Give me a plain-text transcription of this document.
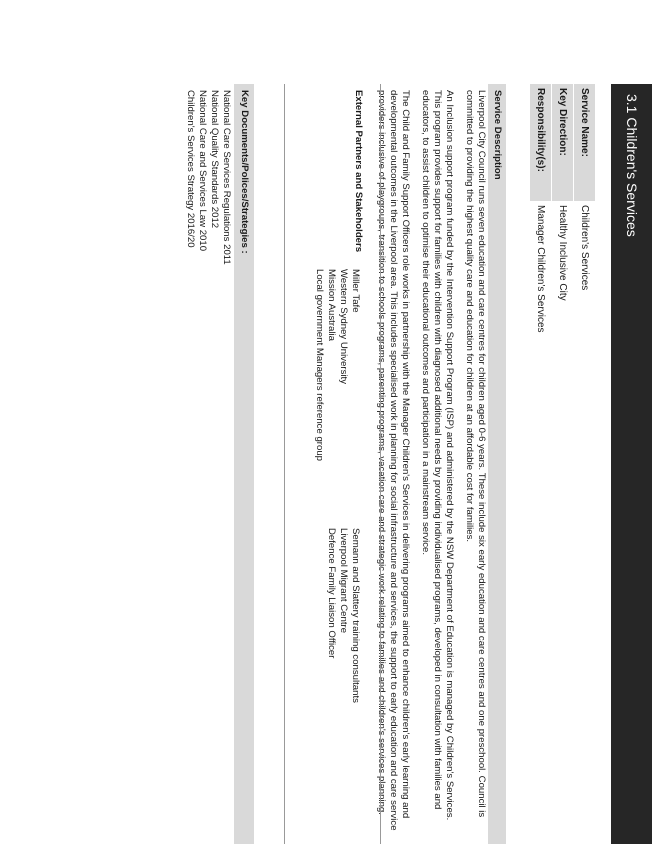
3.1 Children's Services
Service Name:	Children's Services
Key Direction:	Healthy Inclusive City
Responsibility(s):	Manager Children's Services
Service Description

Liverpool City Council runs seven education and care centres for children aged 0-6 years. These include six early education and care centres and one preschool. Council is committed to providing the highest quality care and education for children at an affordable cost for families.

An Inclusion support program funded by the Intervention Support Program (ISP) and administered by the NSW Department of Education is managed by Children's Services. This program provides support for families with children with diagnosed additional needs by providing individualised programs, developed in consultation with families and educators, to assist children to optimise their educational outcomes and participation in a mainstream service.

The Child and Family Support Officers role works in partnership with the Manager Children's Services in delivering programs aimed to enhance children's early learning and developmental outcomes in the Liverpool area. This includes specialised work in planning for social infrastructure and services, the support to early education and care service providers inclusive of playgroups, transition to schools programs, parenting programs, vacation care and strategic work relating to families and children's services planning.

External Partners and Stakeholders
Miller Tafe
Western Sydney University
Mission Australia
Local government Managers reference group
Semann and Slattery training consultants
Liverpool Migrant Centre
Defence Family Liaison Officer
Key Documents/Polices/Strategies :
National Care Services Regulations 2011
National Quality Standards 2012
National Care and Services Law 2010
Children's Services Strategy 2016/20
